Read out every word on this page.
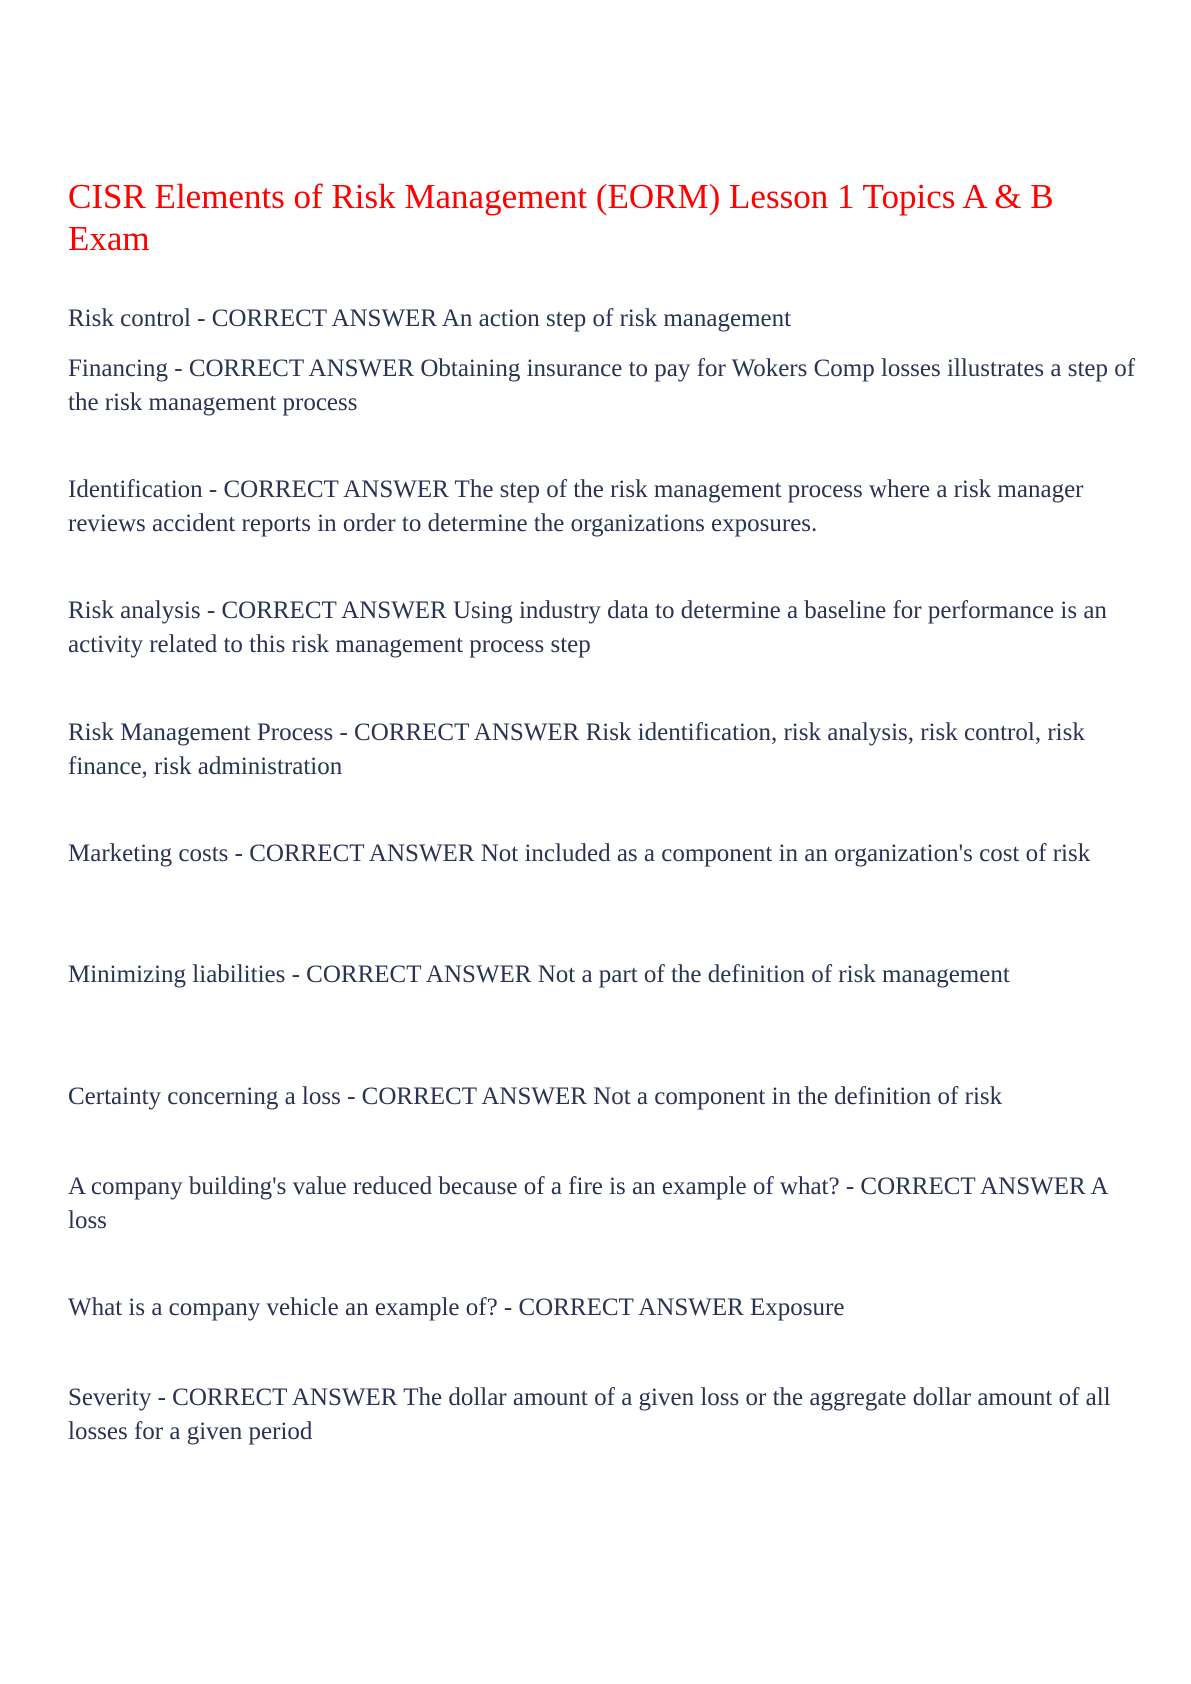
CISR Elements of Risk Management (EORM) Lesson 1 Topics A & B Exam

Risk control - CORRECT ANSWER An action step of risk management

Financing - CORRECT ANSWER Obtaining insurance to pay for Wokers Comp losses illustrates a step of the risk management process

Identification - CORRECT ANSWER The step of the risk management process where a risk manager reviews accident reports in order to determine the organizations exposures.

Risk analysis - CORRECT ANSWER Using industry data to determine a baseline for performance is an activity related to this risk management process step

Risk Management Process - CORRECT ANSWER Risk identification, risk analysis, risk control, risk finance, risk administration

Marketing costs - CORRECT ANSWER Not included as a component in an organization's cost of risk

Minimizing liabilities - CORRECT ANSWER Not a part of the definition of risk management

Certainty concerning a loss - CORRECT ANSWER Not a component in the definition of risk

A company building's value reduced because of a fire is an example of what? - CORRECT ANSWER A loss

What is a company vehicle an example of? - CORRECT ANSWER Exposure

Severity - CORRECT ANSWER The dollar amount of a given loss or the aggregate dollar amount of all losses for a given period
